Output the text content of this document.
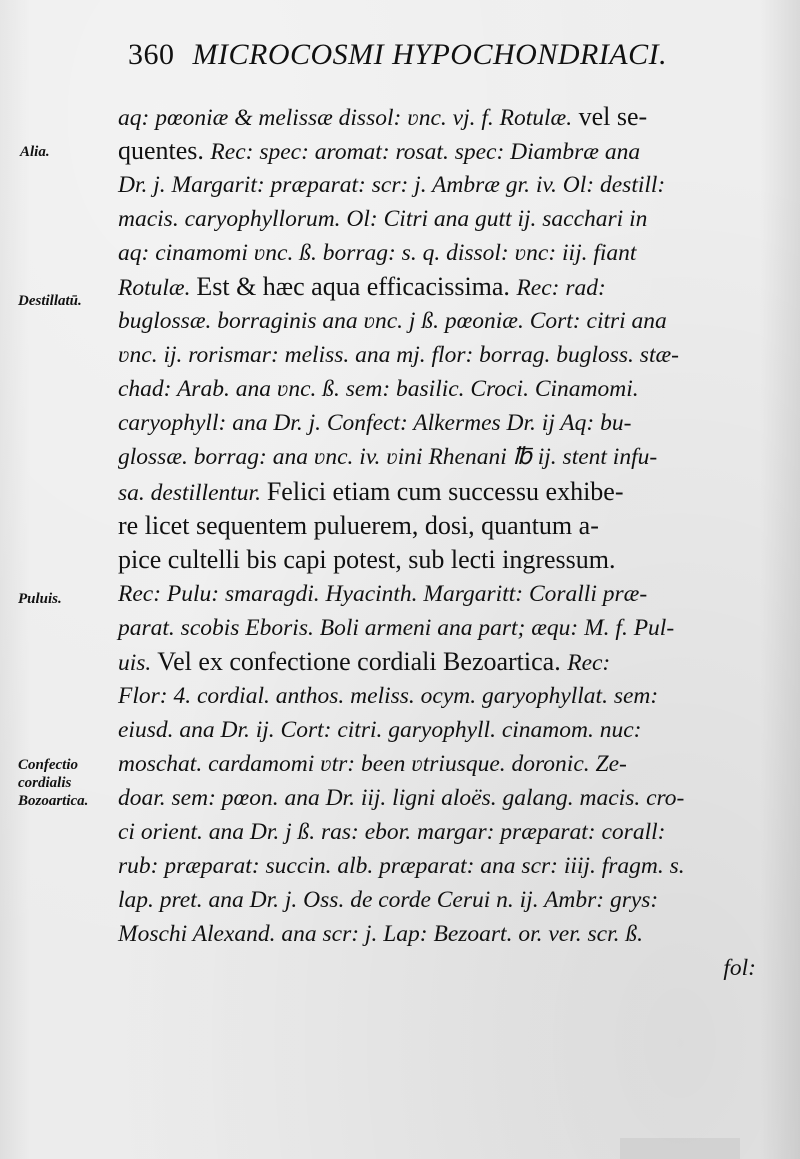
360 MICROCOSMI HYPOCHONDRIACI.
Alia.
Destillatū.
Puluis.
Confectio cordialis Bozoartica.
aq: pœoniæ & melissæ dissol: ʋnc. vj. f. Rotulæ. vel se-
quentes. Rec: spec: aromat: rosat. spec: Diambræ ana
Dr. j. Margarit: præparat: scr: j. Ambræ gr. iv. Ol: destill:
macis. caryophyllorum. Ol: Citri ana gutt ij. sacchari in
aq: cinamomi ʋnc. ß. borrag: s. q. dissol: ʋnc: iij. fiant
Rotulæ. Est & hæc aqua efficacissima. Rec: rad:
buglossæ. borraginis ana ʋnc. j ß. pœoniæ. Cort: citri ana
ʋnc. ij. rorismar: meliss. ana mj. flor: borrag. bugloss. stæ-
chad: Arab. ana ʋnc. ß. sem: basilic. Croci. Cinamomi.
caryophyll: ana Dr. j. Confect: Alkermes Dr. ij Aq: bu-
glossæ. borrag: ana ʋnc. iv. ʋini Rhenani ℔ ij. stent infu-
sa. destillentur. Felici etiam cum successu exhibe-
re licet sequentem puluerem, dosi, quantum a-
pice cultelli bis capi potest, sub lecti ingressum.
Rec: Pulu: smaragdi. Hyacinth. Margaritt: Coralli præ-
parat. scobis Eboris. Boli armeni ana part; æqu: M. f. Pul-
uis. Vel ex confectione cordiali Bezoartica. Rec:
Flor: 4. cordial. anthos. meliss. ocym. garyophyllat. sem:
eiusd. ana Dr. ij. Cort: citri. garyophyll. cinamom. nuc:
moschat. cardamomi ʋtr: been ʋtriusque. doronic. Ze-
doar. sem: pœon. ana Dr. iij. ligni aloës. galang. macis. cro-
ci orient. ana Dr. j ß. ras: ebor. margar: præparat: corall:
rub: præparat: succin. alb. præparat: ana scr: iiij. fragm. s.
lap. pret. ana Dr. j. Oss. de corde Cerui n. ij. Ambr: grys:
Moschi Alexand. ana scr: j. Lap: Bezoart. or. ver. scr. ß.
fol:
